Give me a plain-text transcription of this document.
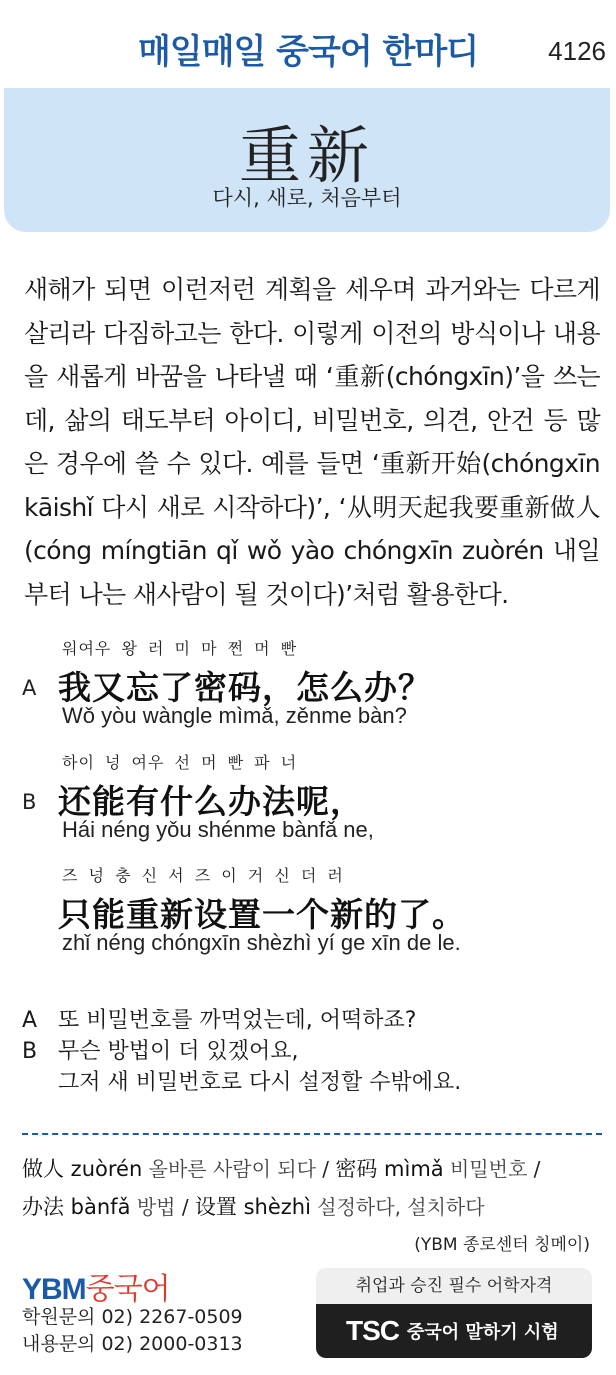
매일매일 중국어 한마디	4126
重新
다시, 새로, 처음부터

새해가 되면 이런저런 계획을 세우며 과거와는 다르게 살리라 다짐하고는 한다. 이렇게 이전의 방식이나 내용을 새롭게 바꿈을 나타낼 때 ‘重新(chóngxīn)’을 쓰는데, 삶의 태도부터 아이디, 비밀번호, 의견, 안건 등 많은 경우에 쓸 수 있다. 예를 들면 ‘重新开始(chóngxīn kāishǐ 다시 새로 시작하다)’, ‘从明天起我要重新做人(cóng míngtiān qǐ wǒ yào chóngxīn zuòrén 내일부터 나는 새사람이 될 것이다)’처럼 활용한다.

워여우 왕 러 미 마 쩐 머 빤
A 我又忘了密码，怎么办？
Wǒ yòu wàngle mìmǎ, zěnme bàn?
하이 넝 여우 선 머 빤 파 너
B 还能有什么办法呢，
Hái néng yǒu shénme bànfǎ ne,
즈 넝 충 신 서 즈 이 거 신 더 러
只能重新设置一个新的了。
zhǐ néng chóngxīn shèzhì yí ge xīn de le.
A 또 비밀번호를 까먹었는데, 어떡하죠?
B 무슨 방법이 더 있겠어요,
그저 새 비밀번호로 다시 설정할 수밖에요.
做人 zuòrén 올바른 사람이 되다 / 密码 mìmǎ 비밀번호 /
办法 bànfǎ 방법 / 设置 shèzhì 설정하다, 설치하다
(YBM 종로센터 칭메이)
YBM중국어
학원문의 02) 2267-0509
내용문의 02) 2000-0313
취업과 승진 필수 어학자격
TSC 중국어 말하기 시험
